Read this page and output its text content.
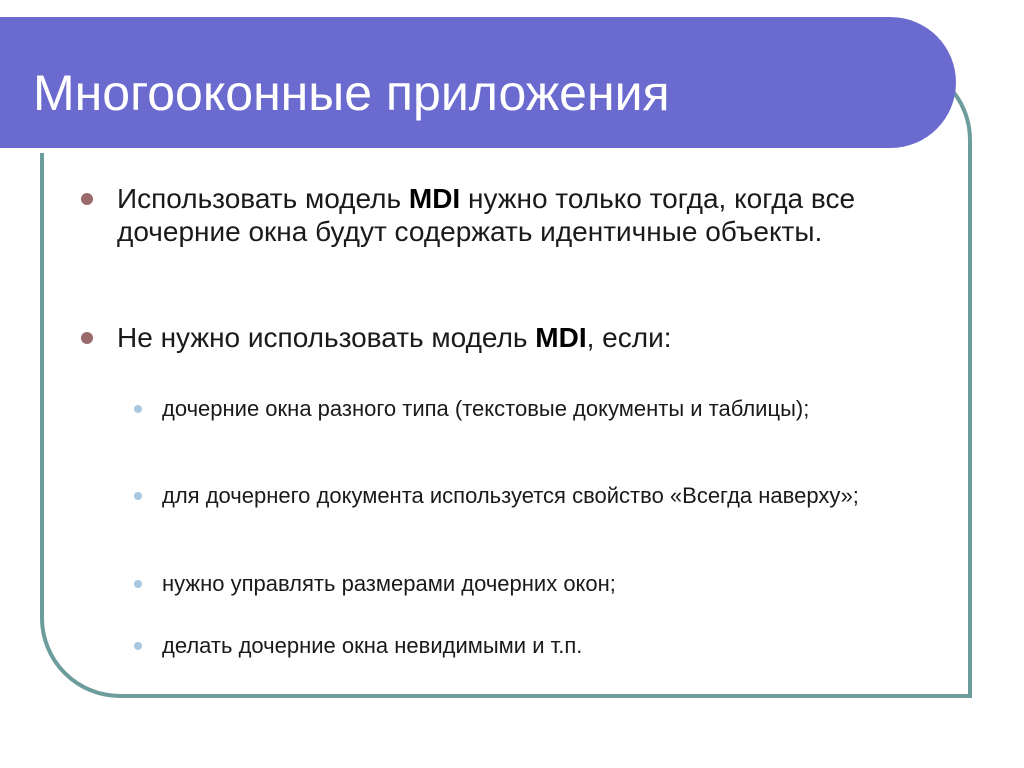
Многооконные приложения
Использовать модель MDI нужно только тогда, когда все дочерние окна будут содержать идентичные объекты.
Не нужно использовать модель MDI, если:
дочерние окна разного типа (текстовые документы и таблицы);
для дочернего документа используется свойство «Всегда наверху»;
нужно управлять размерами дочерних окон;
делать дочерние окна невидимыми и т.п.
